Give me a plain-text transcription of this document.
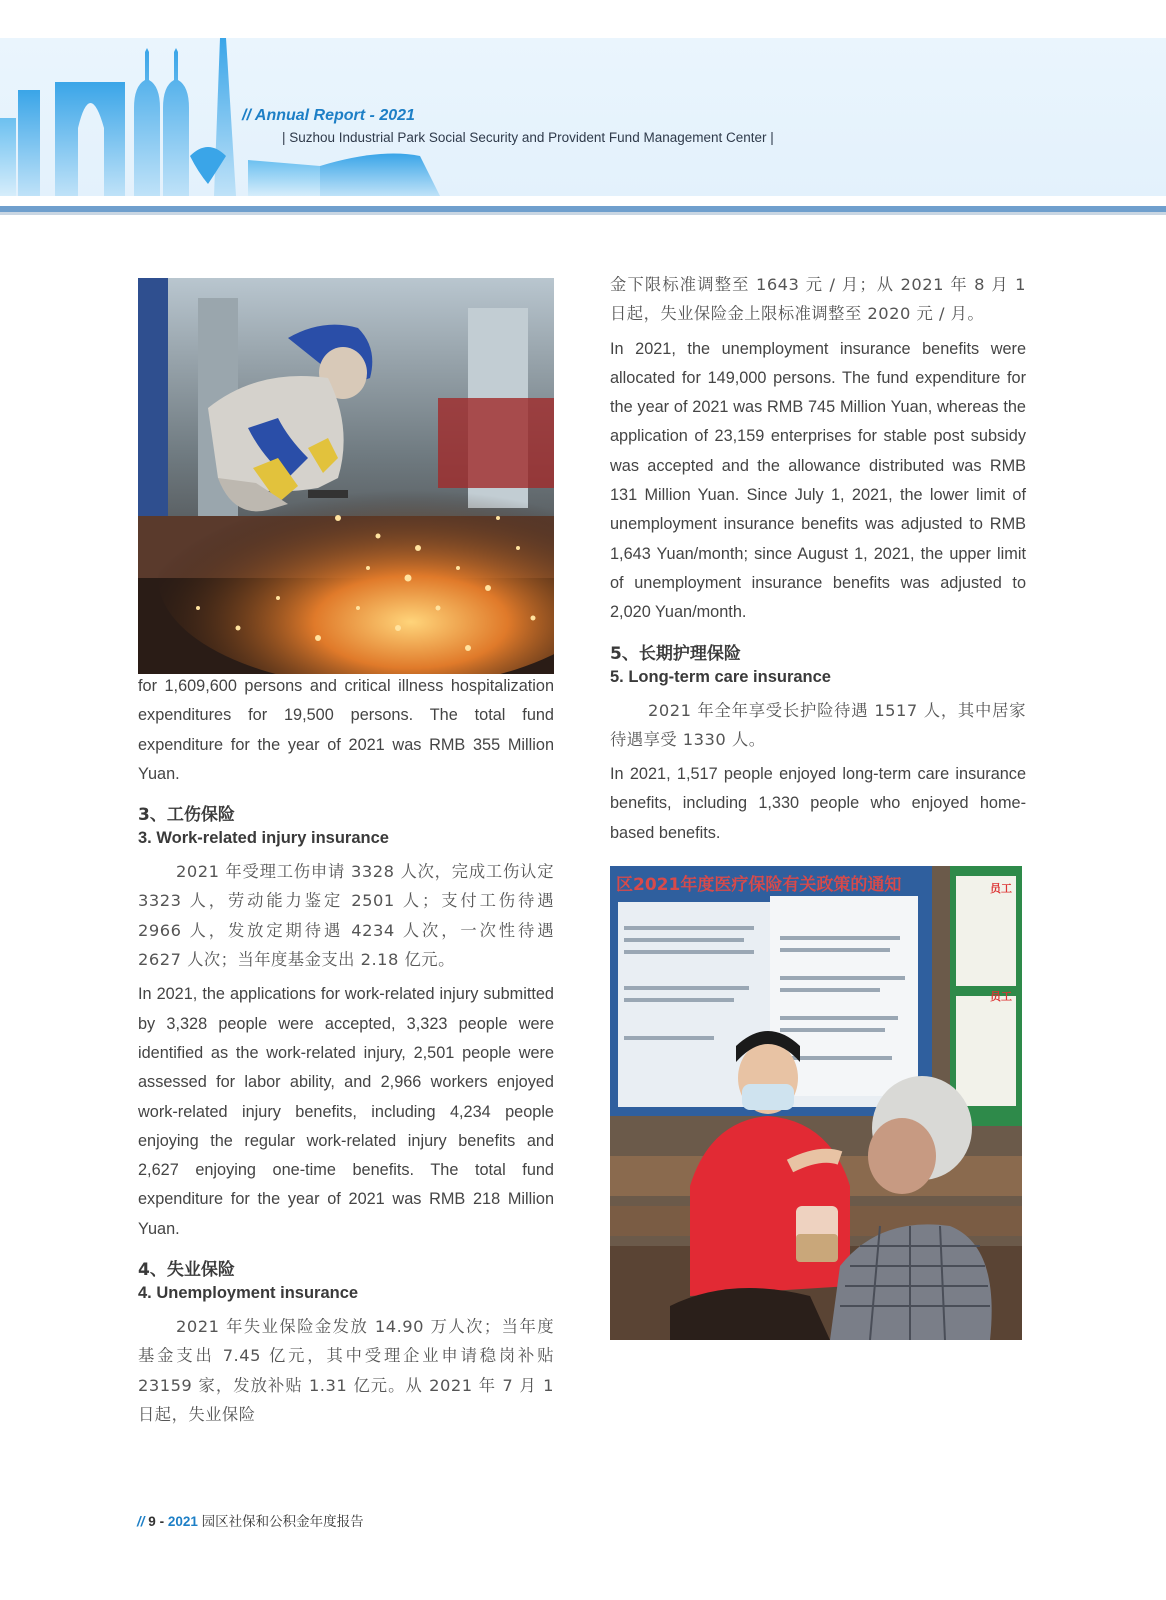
// Annual Report - 2021
| Suzhou Industrial Park Social Security and Provident Fund Management Center |

for 1,609,600 persons and critical illness hospitalization expenditures for 19,500 persons. The total fund expenditure for the year of 2021 was RMB 355 Million Yuan.

3、工伤保险
3. Work-related injury insurance

2021 年受理工伤申请 3328 人次，完成工伤认定 3323 人，劳动能力鉴定 2501 人；支付工伤待遇 2966 人，发放定期待遇 4234 人次，一次性待遇 2627 人次；当年度基金支出 2.18 亿元。

In 2021, the applications for work-related injury submitted by 3,328 people were accepted, 3,323 people were identified as the work-related injury, 2,501 people were assessed for labor ability, and 2,966 workers enjoyed work-related injury benefits, including 4,234 people enjoying the regular work-related injury benefits and 2,627 enjoying one-time benefits. The total fund expenditure for the year of 2021 was RMB 218 Million Yuan.

4、失业保险
4. Unemployment insurance

2021 年失业保险金发放 14.90 万人次；当年度基金支出 7.45 亿元，其中受理企业申请稳岗补贴 23159 家，发放补贴 1.31 亿元。从 2021 年 7 月 1 日起，失业保险

金下限标准调整至 1643 元 / 月；从 2021 年 8 月 1 日起，失业保险金上限标准调整至 2020 元 / 月。

In 2021, the unemployment insurance benefits were allocated for 149,000 persons. The fund expenditure for the year of 2021 was RMB 745 Million Yuan, whereas the application of 23,159 enterprises for stable post subsidy was accepted and the allowance distributed was RMB 131 Million Yuan. Since July 1, 2021, the lower limit of unemployment insurance benefits was adjusted to RMB 1,643 Yuan/month; since August 1, 2021, the upper limit of unemployment insurance benefits was adjusted to 2,020 Yuan/month.

5、长期护理保险
5. Long-term care insurance

2021 年全年享受长护险待遇 1517 人，其中居家待遇享受 1330 人。

In 2021, 1,517 people enjoyed long-term care insurance benefits, including 1,330 people who enjoyed home-based benefits.

区2021年度医疗保险有关政策的通知	员工
员工
// 9 - 2021 园区社保和公积金年度报告
